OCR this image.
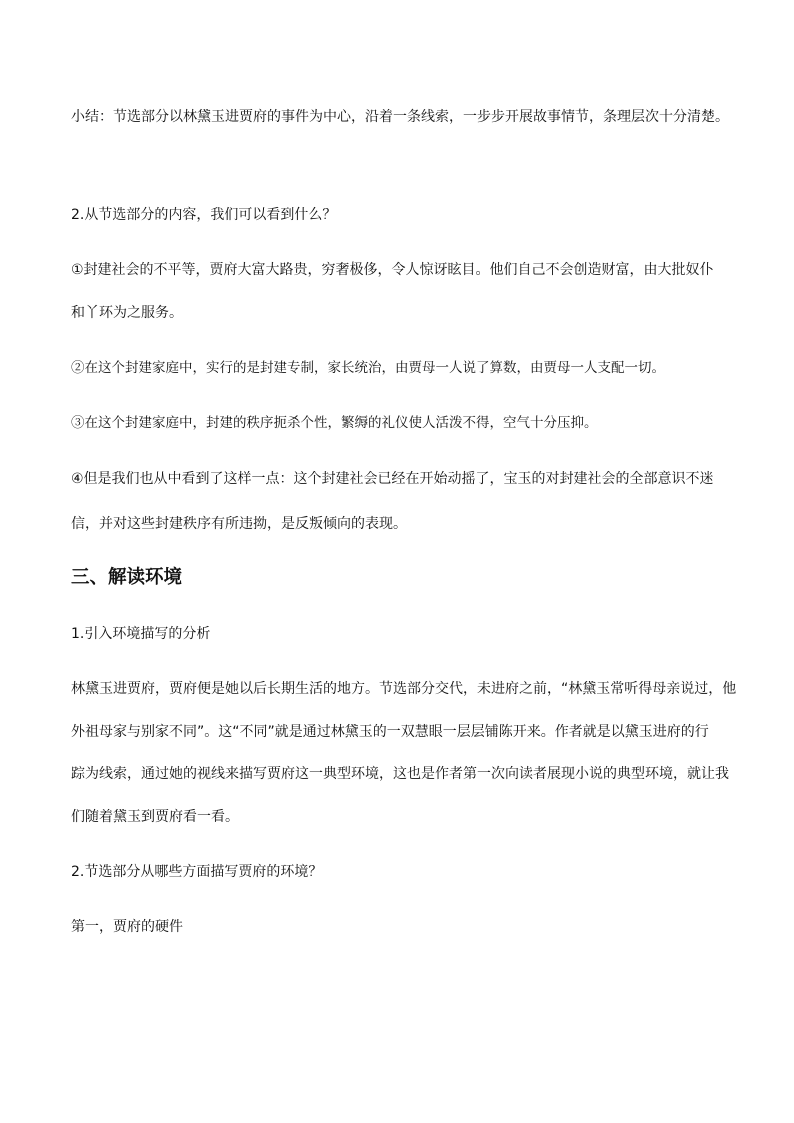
小结：节选部分以林黛玉进贾府的事件为中心，沿着一条线索，一步步开展故事情节，条理层次十分清楚。
2.从节选部分的内容，我们可以看到什么？
①封建社会的不平等，贾府大富大路贵，穷奢极侈，令人惊讶眩目。他们自己不会创造财富，由大批奴仆
和丫环为之服务。
②在这个封建家庭中，实行的是封建专制，家长统治，由贾母一人说了算数，由贾母一人支配一切。
③在这个封建家庭中，封建的秩序扼杀个性，繁缛的礼仪使人活泼不得，空气十分压抑。
④但是我们也从中看到了这样一点：这个封建社会已经在开始动摇了，宝玉的对封建社会的全部意识不迷
信，并对这些封建秩序有所违拗，是反叛倾向的表现。
三、解读环境
1.引入环境描写的分析
林黛玉进贾府，贾府便是她以后长期生活的地方。节选部分交代，未进府之前，“林黛玉常听得母亲说过，他
外祖母家与别家不同”。这“不同”就是通过林黛玉的一双慧眼一层层铺陈开来。作者就是以黛玉进府的行
踪为线索，通过她的视线来描写贾府这一典型环境，这也是作者第一次向读者展现小说的典型环境，就让我
们随着黛玉到贾府看一看。
2.节选部分从哪些方面描写贾府的环境？
第一，贾府的硬件
